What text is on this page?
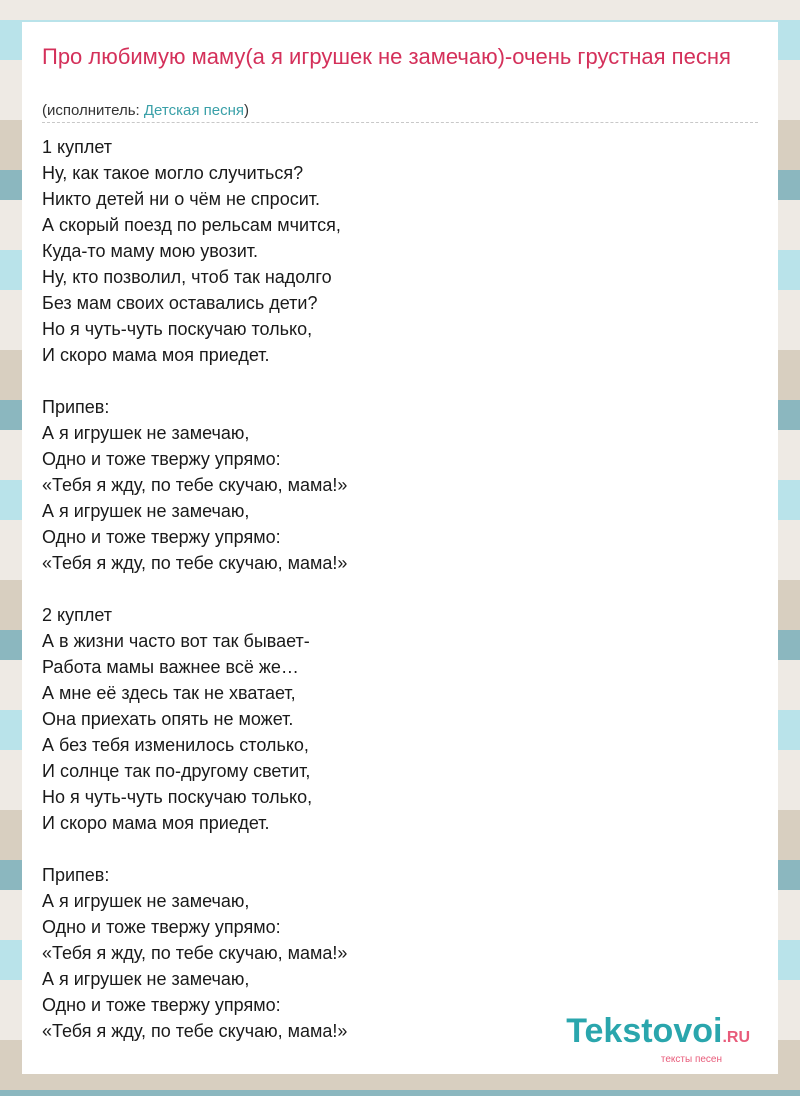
Про любимую маму(а я игрушек не замечаю)-очень грустная песня
(исполнитель: Детская песня)
1 куплет
Ну, как такое могло случиться?
Никто детей ни о чём не спросит.
А скорый поезд по рельсам мчится,
Куда-то маму мою увозит.
Ну, кто позволил, чтоб так надолго
Без мам своих оставались дети?
Но я чуть-чуть поскучаю только,
И скоро мама моя приедет.
Припев:
А я игрушек не замечаю,
Одно и тоже твержу упрямо:
«Тебя я жду, по тебе скучаю, мама!»
А я игрушек не замечаю,
Одно и тоже твержу упрямо:
«Тебя я жду, по тебе скучаю, мама!»
2 куплет
А в жизни часто вот так бывает-
Работа мамы важнее всё же…
А мне её здесь так не хватает,
Она приехать опять не может.
А без тебя изменилось столько,
И солнце так по-другому светит,
Но я чуть-чуть поскучаю только,
И скоро мама моя приедет.
Припев:
А я игрушек не замечаю,
Одно и тоже твержу упрямо:
«Тебя я жду, по тебе скучаю, мама!»
А я игрушек не замечаю,
Одно и тоже твержу упрямо:
«Тебя я жду, по тебе скучаю, мама!»	Tekstovoi.RU
тексты песен
